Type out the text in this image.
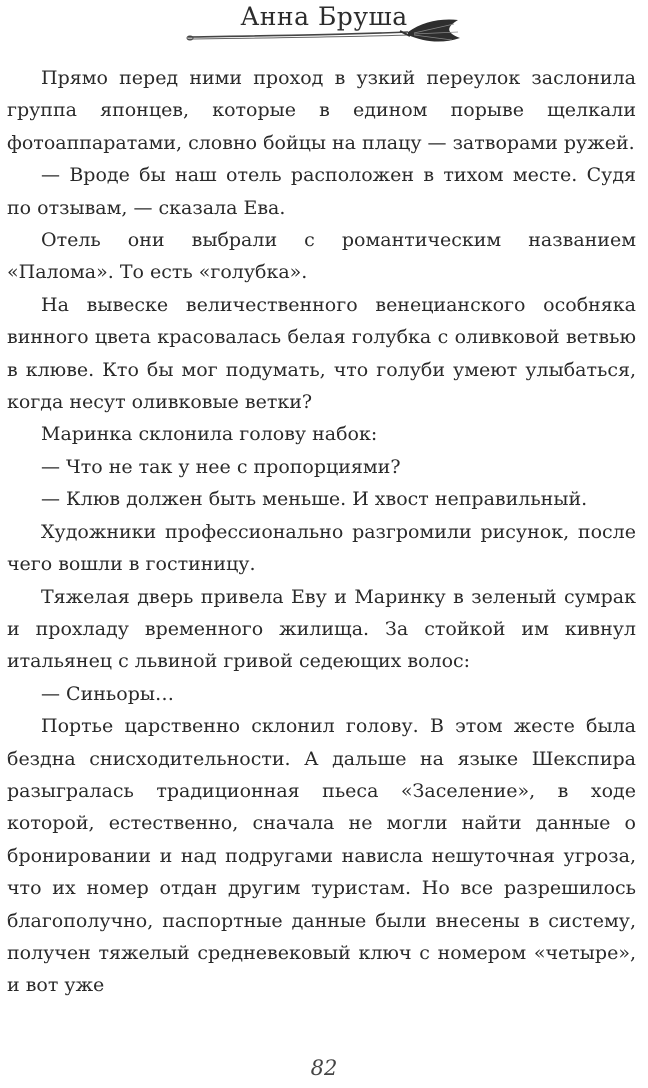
Анна Бруша

Прямо перед ними проход в узкий переулок заслонила группа японцев, которые в едином порыве щелкали фотоаппаратами, словно бойцы на плацу — затворами ружей.

— Вроде бы наш отель расположен в тихом месте. Судя по отзывам, — сказала Ева.

Отель они выбрали с романтическим названием «Палома». То есть «голубка».

На вывеске величественного венецианского особняка винного цвета красовалась белая голубка с оливковой ветвью в клюве. Кто бы мог подумать, что голуби умеют улыбаться, когда несут оливковые ветки?

Маринка склонила голову набок:

— Что не так у нее с пропорциями?

— Клюв должен быть меньше. И хвост неправильный.

Художники профессионально разгромили рисунок, после чего вошли в гостиницу.

Тяжелая дверь привела Еву и Маринку в зеленый сумрак и прохладу временного жилища. За стойкой им кивнул итальянец с львиной гривой седеющих волос:

— Синьоры…

Портье царственно склонил голову. В этом жесте была бездна снисходительности. А дальше на языке Шекспира разыгралась традиционная пьеса «Заселение», в ходе которой, естественно, сначала не могли найти данные о бронировании и над подругами нависла нешуточная угроза, что их номер отдан другим туристам. Но все разрешилось благополучно, паспортные данные были внесены в систему, получен тяжелый средневековый ключ с номером «четыре», и вот уже

82
